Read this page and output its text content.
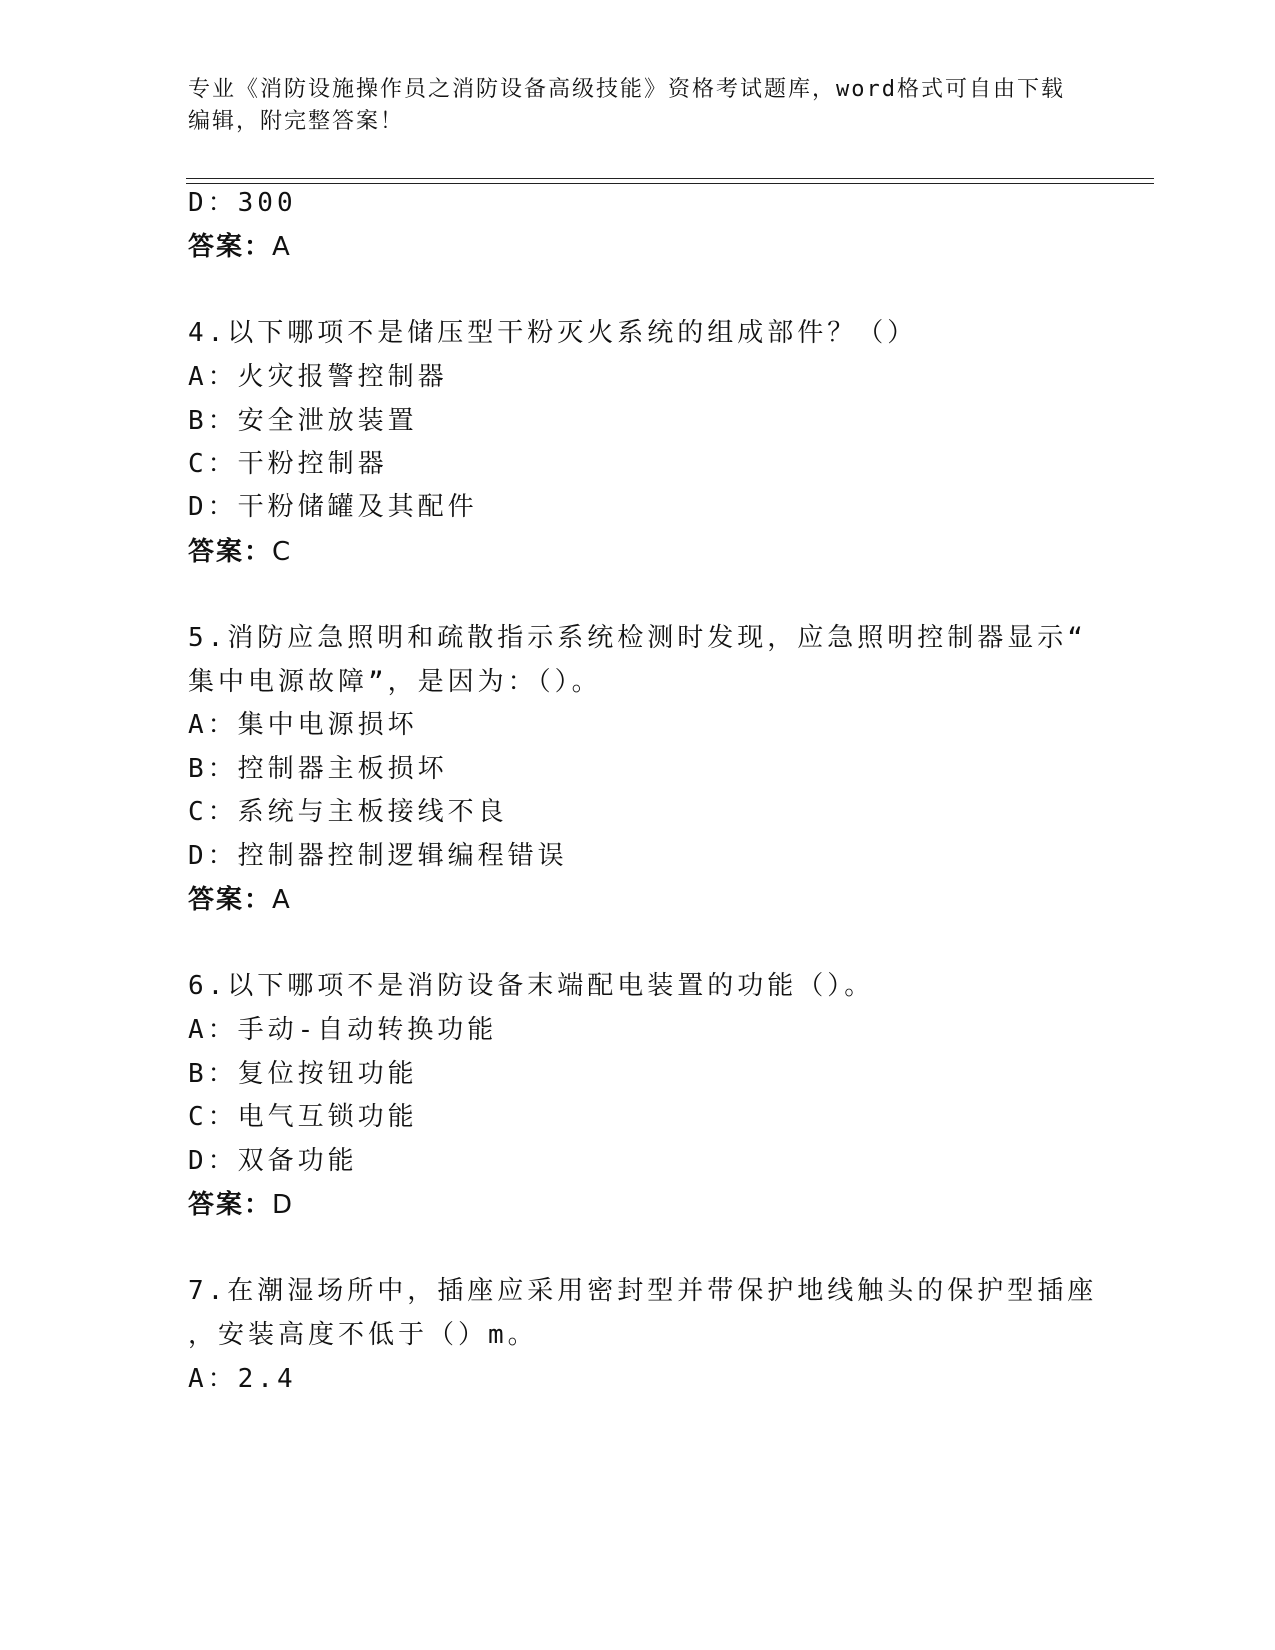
专业《消防设施操作员之消防设备高级技能》资格考试题库，word格式可自由下载编辑，附完整答案！
D：300
答案：A
4.以下哪项不是储压型干粉灭火系统的组成部件？（）
A：火灾报警控制器
B：安全泄放装置
C：干粉控制器
D：干粉储罐及其配件
答案：C
5.消防应急照明和疏散指示系统检测时发现，应急照明控制器显示“
集中电源故障”，是因为：（）。
A：集中电源损坏
B：控制器主板损坏
C：系统与主板接线不良
D：控制器控制逻辑编程错误
答案：A
6.以下哪项不是消防设备末端配电装置的功能（）。
A：手动-自动转换功能
B：复位按钮功能
C：电气互锁功能
D：双备功能
答案：D
7.在潮湿场所中，插座应采用密封型并带保护地线触头的保护型插座
，安装高度不低于（）m。
A：2.4
